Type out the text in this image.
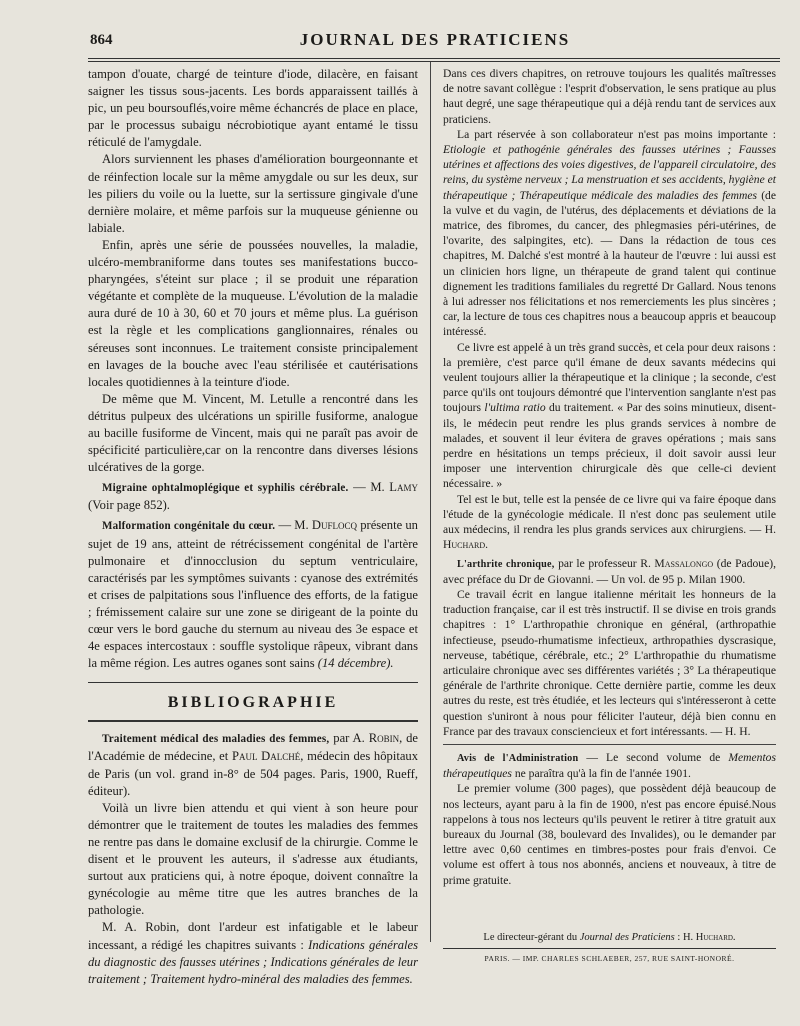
864	JOURNAL DES PRATICIENS

tampon d'ouate, chargé de teinture d'iode, dilacère, en faisant saigner les tissus sous-jacents. Les bords apparaissent taillés à pic, un peu boursouflés,voire même échancrés de place en place, par le processus subaigu nécrobiotique ayant entamé le tissu réticulé de l'amygdale.

Alors surviennent les phases d'amélioration bourgeonnante et de réinfection locale sur la même amygdale ou sur les deux, sur les piliers du voile ou la luette, sur la sertissure gingivale d'une dernière molaire, et même parfois sur la muqueuse génienne ou labiale.

Enfin, après une série de poussées nouvelles, la maladie, ulcéro-membraniforme dans toutes ses manifestations bucco-pharyngées, s'éteint sur place ; il se produit une réparation végétante et complète de la muqueuse. L'évolution de la maladie aura duré de 10 à 30, 60 et 70 jours et même plus. La guérison est la règle et les complications ganglionnaires, rénales ou séreuses sont inconnues. Le traitement consiste principalement en lavages de la bouche avec l'eau stérilisée et cautérisations locales quotidiennes à la teinture d'iode.

De même que M. Vincent, M. Letulle a rencontré dans les détritus pulpeux des ulcérations un spirille fusiforme, analogue au bacille fusiforme de Vincent, mais qui ne paraît pas avoir de spécificité particulière,car on la rencontre dans diverses lésions ulcératives de la gorge.

Migraine ophtalmoplégique et syphilis cérébrale. — M. Lamy (Voir page 852).

Malformation congénitale du cœur. — M. Duflocq présente un sujet de 19 ans, atteint de rétrécissement congénital de l'artère pulmonaire et d'innocclusion du septum ventriculaire, caractérisés par les symptômes suivants : cyanose des extrémités et crises de palpitations sous l'influence des efforts, de la fatigue ; frémissement calaire sur une zone se dirigeant de la pointe du cœur vers le bord gauche du sternum au niveau des 3e espace et 4e espaces intercostaux : souffle systolique râpeux, vibrant dans la même région. Les autres oganes sont sains (14 décembre).

BIBLIOGRAPHIE

Traitement médical des maladies des femmes, par A. Robin, de l'Académie de médecine, et Paul Dalché, médecin des hôpitaux de Paris (un vol. grand in-8° de 504 pages. Paris, 1900, Rueff, éditeur).

Voilà un livre bien attendu et qui vient à son heure pour démontrer que le traitement de toutes les maladies des femmes ne rentre pas dans le domaine exclusif de la chirurgie. Comme le disent et le prouvent les auteurs, il s'adresse aux étudiants, surtout aux praticiens qui, à notre époque, doivent connaître la gynécologie au même titre que les autres branches de la pathologie.

M. A. Robin, dont l'ardeur est infatigable et le labeur incessant, a rédigé les chapitres suivants : Indications générales du diagnostic des fausses utérines ; Indications générales de leur traitement ; Traitement hydro-minéral des maladies des femmes.

Dans ces divers chapitres, on retrouve toujours les qualités maîtresses de notre savant collègue : l'esprit d'observation, le sens pratique au plus haut degré, une sage thérapeutique qui a déjà rendu tant de services aux praticiens.

La part réservée à son collaborateur n'est pas moins importante : Etiologie et pathogénie générales des fausses utérines ; Fausses utérines et affections des voies digestives, de l'appareil circulatoire, des reins, du système nerveux ; La menstruation et ses accidents, hygiène et thérapeutique ; Thérapeutique médicale des maladies des femmes (de la vulve et du vagin, de l'utérus, des déplacements et déviations de la matrice, des fibromes, du cancer, des phlegmasies péri-utérines, de l'ovarite, des salpingites, etc). — Dans la rédaction de tous ces chapitres, M. Dalché s'est montré à la hauteur de l'œuvre : lui aussi est un clinicien hors ligne, un thérapeute de grand talent qui continue dignement les traditions familiales du regretté Dr Gallard. Nous tenons à lui adresser nos félicitations et nos remerciements les plus sincères ; car, la lecture de tous ces chapitres nous a beaucoup appris et beaucoup intéressé.

Ce livre est appelé à un très grand succès, et cela pour deux raisons : la première, c'est parce qu'il émane de deux savants médecins qui veulent toujours allier la thérapeutique et la clinique ; la seconde, c'est parce qu'ils ont toujours démontré que l'intervention sanglante n'est pas toujours l'ultima ratio du traitement. « Par des soins minutieux, disent-ils, le médecin peut rendre les plus grands services à nombre de malades, et souvent il leur évitera de graves opérations ; mais sans perdre en hésitations un temps précieux, il doit savoir aussi leur imposer une intervention chirurgicale dès que celle-ci devient nécessaire. »

Tel est le but, telle est la pensée de ce livre qui va faire époque dans l'étude de la gynécologie médicale. Il n'est donc pas seulement utile aux médecins, il rendra les plus grands services aux chirurgiens. — H. Huchard.

L'arthrite chronique, par le professeur R. Massalongo (de Padoue), avec préface du Dr de Giovanni. — Un vol. de 95 p. Milan 1900.

Ce travail écrit en langue italienne méritait les honneurs de la traduction française, car il est très instructif. Il se divise en trois grands chapitres : 1° L'arthropathie chronique en général, (arthropathie infectieuse, pseudo-rhumatisme infectieux, arthropathies dyscrasique, nerveuse, tabétique, cérébrale, etc.; 2° L'arthropathie du rhumatisme articulaire chronique avec ses différentes variétés ; 3° La thérapeutique générale de l'arthrite chronique. Cette dernière partie, comme les deux autres du reste, est très étudiée, et les lecteurs qui s'intéresseront à cette question s'uniront à nous pour féliciter l'auteur, déjà bien connu en France par des travaux consciencieux et fort intéressants. — H. H.

Avis de l'Administration — Le second volume de Mementos thérapeutiques ne paraîtra qu'à la fin de l'année 1901.

Le premier volume (300 pages), que possèdent déjà beaucoup de nos lecteurs, ayant paru à la fin de 1900, n'est pas encore épuisé.Nous rappelons à tous nos lecteurs qu'ils peuvent le retirer à titre gratuit aux bureaux du Journal (38, boulevard des Invalides), ou le demander par lettre avec 0,60 centimes en timbres-postes pour frais d'envoi. Ce volume est offert à tous nos abonnés, anciens et nouveaux, à titre de prime gratuite.

Le directeur-gérant du Journal des Praticiens : H. Huchard.
PARIS. — IMP. CHARLES SCHLAEBER, 257, RUE SAINT-HONORÉ.
